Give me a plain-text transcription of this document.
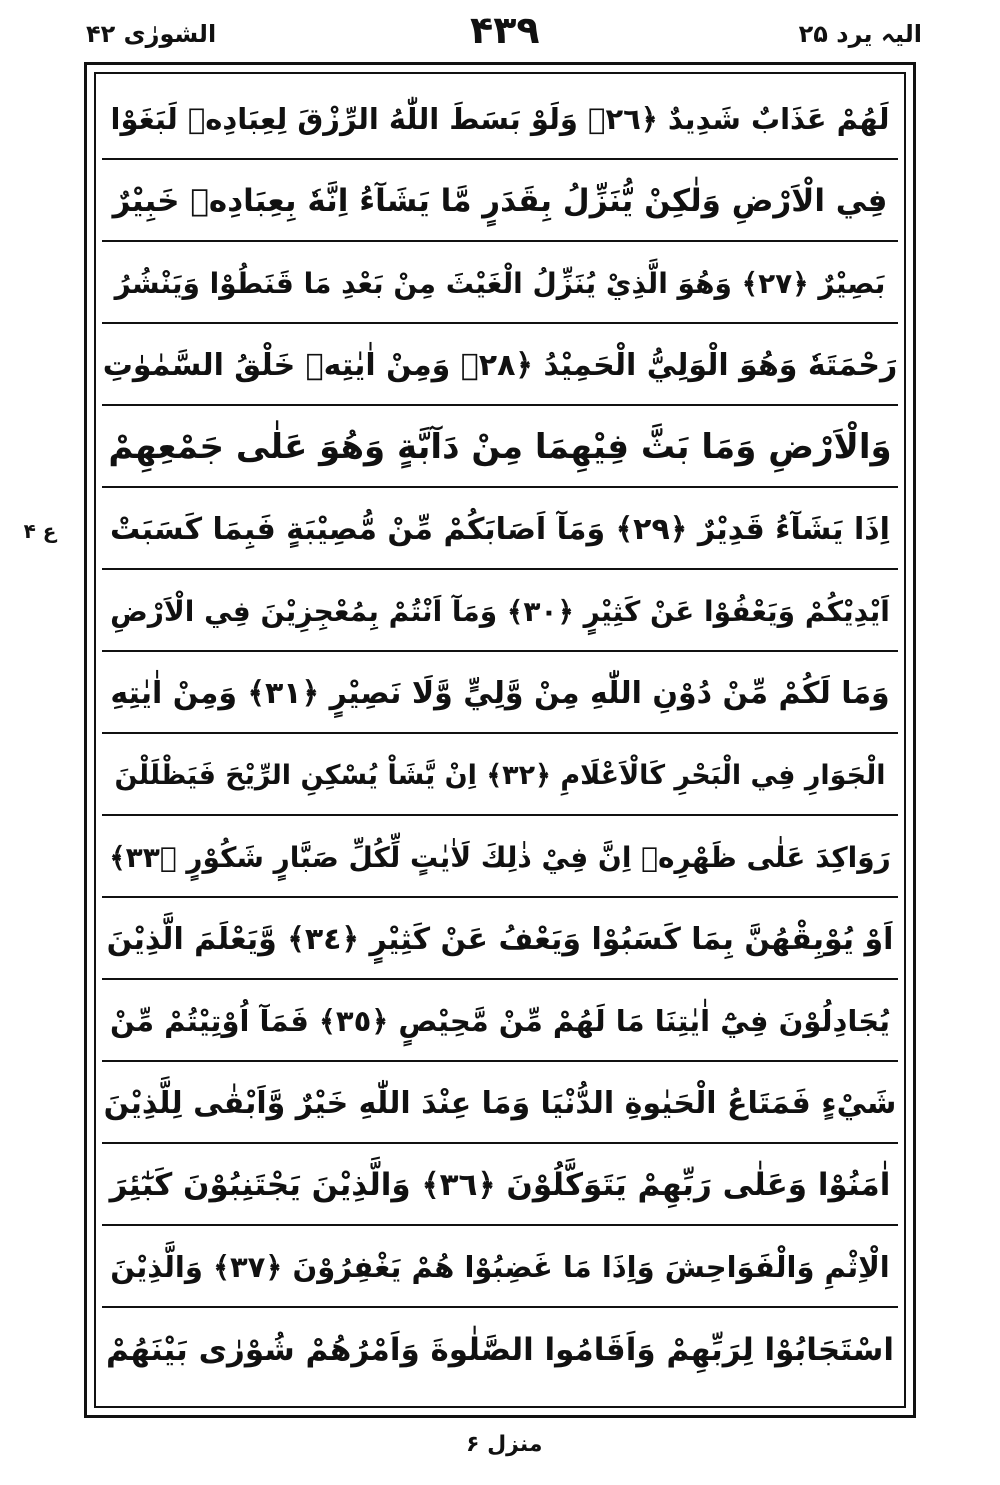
الشورٰی ۴۲	۴۳۹	الیہ یرد ۲۵
ع ۴
لَهُمْ عَذَابٌ شَدِيدٌ ﴿٢٦﴾ وَلَوْ بَسَطَ اللّٰهُ الرِّزْقَ لِعِبَادِهٖ لَبَغَوْا
فِي الْاَرْضِ وَلٰكِنْ يُّنَزِّلُ بِقَدَرٍ مَّا يَشَآءُ اِنَّهٗ بِعِبَادِهٖ خَبِيْرٌ
بَصِيْرٌ ﴿٢٧﴾ وَهُوَ الَّذِيْ يُنَزِّلُ الْغَيْثَ مِنْ بَعْدِ مَا قَنَطُوْا وَيَنْشُرُ
رَحْمَتَهٗ وَهُوَ الْوَلِيُّ الْحَمِيْدُ ﴿٢٨﴾ وَمِنْ اٰيٰتِهٖ خَلْقُ السَّمٰوٰتِ
وَالْاَرْضِ وَمَا بَثَّ فِيْهِمَا مِنْ دَآبَّةٍ وَهُوَ عَلٰى جَمْعِهِمْ
اِذَا يَشَآءُ قَدِيْرٌ ﴿٢٩﴾ وَمَآ اَصَابَكُمْ مِّنْ مُّصِيْبَةٍ فَبِمَا كَسَبَتْ
اَيْدِيْكُمْ وَيَعْفُوْا عَنْ كَثِيْرٍ ﴿٣٠﴾ وَمَآ اَنْتُمْ بِمُعْجِزِيْنَ فِي الْاَرْضِ
وَمَا لَكُمْ مِّنْ دُوْنِ اللّٰهِ مِنْ وَّلِيٍّ وَّلَا نَصِيْرٍ ﴿٣١﴾ وَمِنْ اٰيٰتِهِ
الْجَوَارِ فِي الْبَحْرِ كَالْاَعْلَامِ ﴿٣٢﴾ اِنْ يَّشَاْ يُسْكِنِ الرِّيْحَ فَيَظْلَلْنَ
رَوَاكِدَ عَلٰى ظَهْرِهٖ اِنَّ فِيْ ذٰلِكَ لَاٰيٰتٍ لِّكُلِّ صَبَّارٍ شَكُوْرٍ ﴿٣٣﴾
اَوْ يُوْبِقْهُنَّ بِمَا كَسَبُوْا وَيَعْفُ عَنْ كَثِيْرٍ ﴿٣٤﴾ وَّيَعْلَمَ الَّذِيْنَ
يُجَادِلُوْنَ فِيْٓ اٰيٰتِنَا مَا لَهُمْ مِّنْ مَّحِيْصٍ ﴿٣٥﴾ فَمَآ اُوْتِيْتُمْ مِّنْ
شَيْءٍ فَمَتَاعُ الْحَيٰوةِ الدُّنْيَا وَمَا عِنْدَ اللّٰهِ خَيْرٌ وَّاَبْقٰى لِلَّذِيْنَ
اٰمَنُوْا وَعَلٰى رَبِّهِمْ يَتَوَكَّلُوْنَ ﴿٣٦﴾ وَالَّذِيْنَ يَجْتَنِبُوْنَ كَبٰٓئِرَ
الْاِثْمِ وَالْفَوَاحِشَ وَاِذَا مَا غَضِبُوْا هُمْ يَغْفِرُوْنَ ﴿٣٧﴾ وَالَّذِيْنَ
اسْتَجَابُوْا لِرَبِّهِمْ وَاَقَامُوا الصَّلٰوةَ وَاَمْرُهُمْ شُوْرٰى بَيْنَهُمْ
منزل ۶
